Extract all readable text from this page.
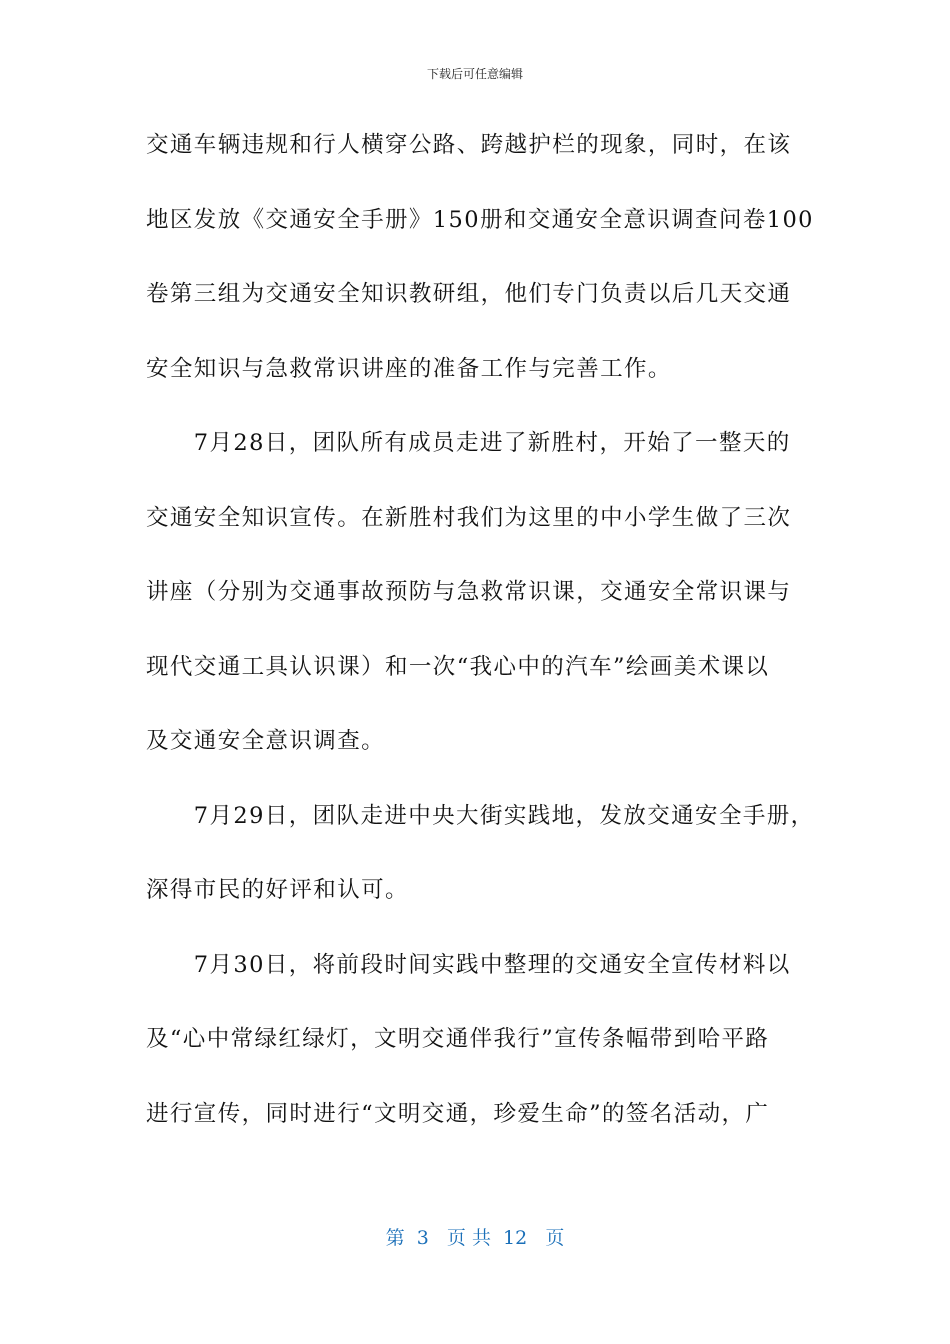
下载后可任意编辑
交通车辆违规和行人横穿公路、跨越护栏的现象，同时，在该
地区发放《交通安全手册》150册和交通安全意识调查问卷100
卷第三组为交通安全知识教研组，他们专门负责以后几天交通
安全知识与急救常识讲座的准备工作与完善工作。
　　7月28日，团队所有成员走进了新胜村，开始了一整天的
交通安全知识宣传。在新胜村我们为这里的中小学生做了三次
讲座（分别为交通事故预防与急救常识课，交通安全常识课与
现代交通工具认识课）和一次“我心中的汽车”绘画美术课以
及交通安全意识调查。
　　7月29日，团队走进中央大街实践地，发放交通安全手册，
深得市民的好评和认可。
　　7月30日，将前段时间实践中整理的交通安全宣传材料以
及“心中常绿红绿灯，文明交通伴我行”宣传条幅带到哈平路
进行宣传，同时进行“文明交通，珍爱生命”的签名活动，广
第  3   页 共  12   页
